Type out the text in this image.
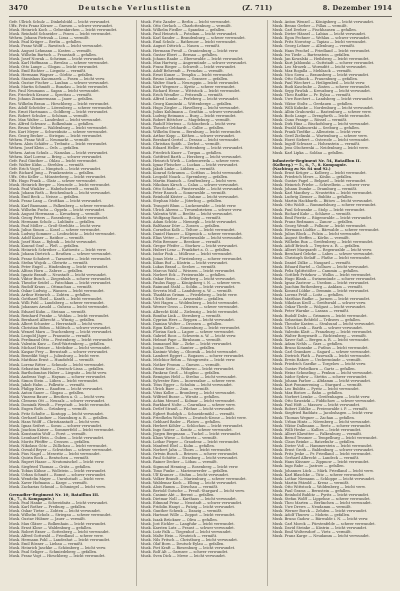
3470	Deutsche Verlustlisten	(Z. 711)	8. Dezember 1914
Gefr. Ullrich Schulz — Dinkelsbühl — leicht verwundet.
Uffz. Fritz Franz Körner — Gnesen — schwer verwundet.
Musk. Heinrich Koch — Gelsenkirchen — leicht verwundet.
Musk. Reinhold Schneider — Posen — leicht verwundet.
Wehrm. Johann Pietrzak — Lissa — vermißt.
Musk. Paul Krüger — Berlin — gefallen.
Musk. Franz Wolff — Rawitsch — leicht verwundet.
Musk. August Lehmann — Kosten — vermißt.
Musk. Wilhelm Bartsch — Fraustadt — gefallen.
Musk. Josef Nowak — Schrimm — leicht verwundet.
Musk. Karl Hoffmann — Breslau — schwer verwundet.
Musk. Otto Lange — Glogau — leicht verwundet.
Musk. Emil Richter — Liegnitz — vermißt.
Musk. Hermann Wagner — Görlitz — gefallen.
Musk. Stanislaus Kaczmarek — Posen — leicht verw.
Musk. Gustav Fischer — Lauban — schwer verwundet.
Musk. Martin Schmidt — Bunzlau — leicht verwundet.
Res. Paul Neumann — Sagan — leicht verwundet.
Res. Friedrich Krause — Sprottau — vermißt.
Res. Johann Zimmermann — Jauer — gefallen.
Res. Wilhelm Braun — Hirschberg — leicht verwundet.
Res. Adolf Schröder — Löwenberg — schwer verwundet.
Res. Ernst Hartmann — Goldberg — leicht verwundet.
Res. Robert Schulze — Schönau — vermißt.
Res. Max Walter — Landeshut — leicht verwundet.
Res. Alfred Schwarz — Bolkenhain — gefallen.
Res. Bruno Weber — Waldenburg — leicht verwundet.
Res. Kurt Meyer — Schweidnitz — schwer verwundet.
Res. Georg Becker — Striegau — leicht verwundet.
Wehrm. Franz Wolf — Neumarkt — vermißt.
Wehrm. Alois Schäfer — Trebnitz — leicht verwundet.
Wehrm. Josef Klein — Oels — gefallen.
Wehrm. Anton Schulz — Namslau — leicht verwundet.
Wehrm. Karl Lorenz — Brieg — schwer verwundet.
Gefr. Paul Günther — Ohlau — leicht verwundet.
Gefr. Walter Kühn — Strehlen — vermißt.
Gefr. Erich Vogel — Nimptsch — leicht verwundet.
Gefr. Richard Jung — Frankenstein — gefallen.
Uffz. Otto Keller — Münsterberg — leicht verwundet.
Uffz. Hugo Frank — Glatz — schwer verwundet.
Musk. Heinrich Berger — Neurode — leicht verwundet.
Musk. Paul Winkler — Habelschwerdt — vermißt.
Musk. Johann Roth — Reichenbach — leicht verwundet.
Musk. Emil Beck — Neisse — gefallen.
Musk. Franz Lang — Grottkau — leicht verwundet.
Musk. Karl Baumann — Falkenberg — schwer verwundet.
Musk. Wilhelm Fuchs — Oppeln — leicht verwundet.
Musk. August Herrmann — Kreuzburg — vermißt.
Musk. Georg Peters — Rosenberg — leicht verwundet.
Musk. Hermann Scholz — Lublinitz — gefallen.
Musk. Paul Möller — Groß-Strehlitz — leicht verw.
Musk. Julius Simon — Kosel — schwer verwundet.
Musk. Ludwig Sommer — Leobschütz — leicht verwundet.
Musk. Adolf Kaiser — Ratibor — vermißt.
Musk. Josef Haas — Rybnik — leicht verwundet.
Musk. Konrad Graf — Pleß — gefallen.
Musk. Heinrich Schreiber — Kattowitz — leicht verw.
Musk. Johann Dietrich — Beuthen — schwer verwundet.
Musk. Franz Schubert — Tarnowitz — leicht verwundet.
Musk. Stefan Wojcik — Gleiwitz — vermißt.
Musk. Peter Engel — Hindenburg — leicht verwundet.
Musk. Alfons Horn — Zabrze — gefallen.
Musk. Ignatz Brandt — Neustadt — leicht verwundet.
Musk. Viktor Busch — Ziegenhals — schwer verwundet.
Musk. Theodor Seidel — Patschkau — leicht verwundet.
Musk. Rudolf Kraus — Ottmachau — vermißt.
Musk. Oskar Ludwig — Wansen — leicht verwundet.
Musk. Arthur Heinrich — Zobten — gefallen.
Musk. Gotthard Thiel — Kanth — leicht verwundet.
Musk. Willi Pohl — Landsberg — schwer verwundet.
Musk. Johannes Arnold — Guhrau — leicht verwundet.
Musk. Eduard Kuhn — Steinau — vermißt.
Musk. Reinhard Franke — Wohlau — leicht verwundet.
Musk. Bernhard Albrecht — Winzig — gefallen.
Musk. Albert Schuster — Herrnstadt — leicht verw.
Musk. Christian Böhm — Militsch — schwer verwundet.
Musk. Wenzel Marx — Trachenberg — leicht verwundet.
Musk. Leopold Jäger — Prausnitz — vermißt.
Musk. Ferdinand Otto — Festenberg — leicht verwundet.
Musk. Valentin Kurz — Groß-Wartenberg — gefallen.
Musk. Michael Heinze — Medzibor — leicht verwundet.
Musk. Kaspar Frey — Bernstadt — schwer verwundet.
Musk. Benedikt Voigt — Juliusburg — leicht verw.
Musk. Matthias Ernst — Hundsfeld — vermißt.
Musk. Lorenz Ritter — Schmolz — leicht verwundet.
Musk. Sebastian Maier — Deutsch-Lissa — gefallen.
Musk. Bartholomäus Huber — Liegnitz — leicht verw.
Musk. Andreas Vogt — Haynau — schwer verwundet.
Musk. Simon Stein — Lüben — leicht verwundet.
Musk. Jakob Hahn — Polkwitz — vermißt.
Musk. Philipp Kern — Raudten — leicht verwundet.
Musk. Anton Sauer — Glogau — gefallen.
Musk. Vinzenz Bauer — Beuthen a. O. — leicht verw.
Musk. Clemens Ott — Neusalz — schwer verwundet.
Musk. Dominik Wendt — Freystadt — leicht verwundet.
Musk. Eugen Roth — Grünberg — vermißt.
Musk. Fritz Schulte — Kontopp — leicht verwundet.
Musk. Gerhard Lindner — Naumburg a. B. — gefallen.
Musk. Hans Wolff — Christianstadt — leicht verw.
Musk. Ignaz Seifert — Sorau — schwer verwundet.
Musk. Joachim Kaiser — Sommerfeld — leicht verwundet.
Musk. Konstantin Wolf — Forst — vermißt.
Musk. Leonhard Hein — Guben — leicht verwundet.
Musk. Moritz Pfeiffer — Crossen — gefallen.
Musk. Nikolaus Götz — Züllichau — leicht verwundet.
Musk. Oswald Beyer — Schwiebus — schwer verwundet.
Musk. Pius Nagel — Meseritz — leicht verwundet.
Musk. Quirin Bock — Bentschen — vermißt.
Musk. Rupert Haase — Neutomischel — leicht verw.
Musk. Siegfried Thomas — Grätz — gefallen.
Musk. Tobias Kühne — Wollstein — leicht verwundet.
Musk. Urban Schmitt — Bomst — schwer verwundet.
Musk. Wendelin Mayer — Unruhstadt — leicht verw.
Musk. Xaver Hofmann — Karge — vermißt.
Musk. Zacharias Schmid — Schmiegel — leicht verw.
Grenadier-Regiment Nr. 10, Bataillon III.
(6., 7., 8. Kompagnie.)
Musk. Paul Hanke — Schweidnitz — leicht verwundet.
Musk. Karl Rother — Freiburg — gefallen.
Musk. Oskar Tietze — Zobten — leicht verwundet.
Musk. Wilhelm Scholz — Striegau — schwer verwundet.
Musk. Gustav Hübner — Jauer — vermißt.
Musk. Max Gläser — Bolkenhain — leicht verwundet.
Musk. Ernst Klose — Waldenburg — gefallen.
Musk. Robert Exner — Gottesberg — leicht verwundet.
Musk. Alfred Gottwald — Friedland — schwer verw.
Musk. Hermann Pohl — Landeshut — leicht verwundet.
Musk. Emil Rösner — Liebau — vermißt.
Musk. Heinrich Jaschke — Schömberg — leicht verw.
Musk. Paul Seliger — Schmiedeberg — gefallen.
Musk. Franz Vogt — Hirschberg — leicht verwundet.
Musk. Fritz Zander — Berlin — leicht verwundet.
Musk. Otto Gerlach — Charlottenburg — vermißt.
Musk. Wilhelm Fiedler — Spandau — gefallen.
Musk. Paul Heinrich — Potsdam — leicht verwundet.
Musk. Karl Sander — Brandenburg — schwer verwundet.
Musk. Emil Schulz — Rathenow — leicht verwundet.
Musk. August Dittrich — Nauen — vermißt.
Musk. Hermann Preuß — Oranienburg — leicht verw.
Musk. Gustav Ebert — Bernau — gefallen.
Musk. Johann Raabe — Eberswalde — leicht verwundet.
Musk. Max Hartwig — Angermünde — schwer verwundet.
Musk. Franz Rieger — Schwedt — leicht verwundet.
Musk. Adolf Behrendt — Prenzlau — vermißt.
Musk. Ernst Kunze — Templin — leicht verwundet.
Musk. Bruno Lindemann — Gransee — gefallen.
Musk. Walter Stark — Neuruppin — leicht verwundet.
Musk. Kurt Wegener — Kyritz — schwer verwundet.
Musk. Richard Hesse — Wittstock — leicht verwundet.
Musk. Erich Wendler — Pritzwalk — vermißt.
Musk. Alfred Lemke — Perleberg — leicht verwundet.
Musk. Georg Kaminski — Wittenberge — gefallen.
Musk. Hugo Ziegler — Havelberg — leicht verwundet.
Musk. Julius Kuhlmann — Genthin — schwer verwundet.
Musk. Ludwig Reimann — Burg — leicht verwundet.
Musk. Robert Böttcher — Magdeburg — vermißt.
Musk. Rudolf Mertens — Schönebeck — leicht verw.
Musk. Theodor Gebhardt — Calbe — gefallen.
Musk. Wilhelm Sturm — Bernburg — leicht verwundet.
Musk. Arthur Kopp — Köthen — schwer verwundet.
Musk. Bernhard Oertel — Dessau — leicht verwundet.
Musk. Christian Späth — Zerbst — vermißt.
Musk. Eduard Heller — Wittenberg — leicht verwundet.
Musk. Friedrich Knorr — Torgau — gefallen.
Musk. Gottfried Barth — Herzberg — leicht verwundet.
Musk. Heinrich Wirth — Liebenwerda — schwer verw.
Musk. Ignaz Fleischer — Luckau — leicht verwundet.
Musk. Jakob Linke — Lübben — vermißt.
Musk. Konrad Schramm — Cottbus — leicht verwundet.
Musk. Leopold Noack — Spremberg — gefallen.
Musk. Martin Hanisch — Senftenberg — leicht verw.
Musk. Nikolaus Kirsch — Calau — schwer verwundet.
Musk. Otto Schade — Finsterwalde — leicht verwundet.
Musk. Peter Rausch — Sonnewalde — vermißt.
Musk. Reinhold Küster — Dahme — leicht verwundet.
Musk. Stephan Mohr — Jüterbog — gefallen.
Musk. Traugott Blum — Luckenwalde — leicht verw.
Musk. Ulrich Ahrens — Treuenbrietzen — schwer verw.
Musk. Valentin Witt — Beelitz — leicht verwundet.
Musk. Wolfgang Rauch — Belzig — vermißt.
Musk. Adam Schütz — Niemegk — leicht verwundet.
Musk. Balthasar Dörr — Zossen — gefallen.
Musk. Cornelius Kolb — Teltow — leicht verwundet.
Musk. Daniel Hauser — Köpenick — schwer verwundet.
Musk. Elias Vetter — Fürstenwalde — leicht verwundet.
Musk. Felix Brenner — Beeskow — vermißt.
Musk. Gregor Pfeifer — Storkow — leicht verwundet.
Musk. Hubert Lenz — Frankfurt a. O. — gefallen.
Musk. Isidor Fink — Müllrose — leicht verwundet.
Musk. Jonas Metz — Fürstenberg — schwer verwundet.
Musk. Kilian Ruf — Küstrin — leicht verwundet.
Musk. Lukas Brand — Seelow — vermißt.
Musk. Marcus Wahl — Wriezen — leicht verwundet.
Musk. Norbert Eck — Freienwalde — gefallen.
Musk. Oskar Heim — Oderberg — leicht verwundet.
Musk. Paulus Rapp — Königsberg i. N. — schwer verw.
Musk. Raimund Stahl — Soldin — leicht verwundet.
Musk. Severin Moll — Landsberg a. W. — vermißt.
Musk. Thaddäus Grimm — Friedeberg — leicht verw.
Musk. Ulrich Sieber — Arnswalde — gefallen.
Musk. Veit Hagen — Woldenberg — leicht verwundet.
Musk. Werner Gross — Driesen — schwer verwundet.
Musk. Albrecht Kühl — Zielenzig — leicht verwundet.
Musk. Bonifaz Link — Sternberg — vermißt.
Musk. Cyprian Herz — Reppen — leicht verwundet.
Musk. Damian Wolter — Drossen — gefallen.
Musk. Egon Koller — Sonnenburg — leicht verwundet.
Musk. Florian Sack — Lagow — schwer verwundet.
Musk. Gabriel Roos — Schwerin a. W. — leicht verw.
Musk. Helmut Pape — Birnbaum — vermißt.
Musk. Immanuel Bär — Zirke — leicht verwundet.
Musk. Josias Thies — Samter — gefallen.
Musk. Kasimir Wolny — Obornik — leicht verwundet.
Musk. Lambert Eggert — Rogasen — schwer verwundet.
Musk. Melchior Rehm — Wongrowitz — leicht verw.
Musk. Notker Fromm — Gnesen — vermißt.
Musk. Otmar Seitz — Witkowo — leicht verwundet.
Musk. Pankraz Groß — Mogilno — gefallen.
Musk. Remigius Held — Strelno — leicht verwundet.
Musk. Sylvester Ries — Inowrazlaw — schwer verw.
Musk. Titus Egger — Schubin — leicht verwundet.
Musk. Ulrich Baer — Znin — vermißt.
Musk. Vitus Kolbe — Bromberg — leicht verwundet.
Musk. Wilfried Busse — Wirsitz — gefallen.
Musk. Achim Menzel — Kolmar — leicht verwundet.
Musk. Burkhard Nolte — Czarnikau — schwer verw.
Musk. Detlef Strauß — Filehne — leicht verwundet.
Musk. Egbert Rudolph — Schneidemühl — vermißt.
Musk. Friedhelm Wolters — Deutsch-Krone — leicht verw.
Musk. Gebhard Bader — Flatow — gefallen.
Musk. Herbert Köhler — Schlochau — leicht verwundet.
Musk. Ingo Sauter — Konitz — schwer verwundet.
Musk. Jürgen Bergmann — Tuchel — leicht verwundet.
Musk. Klaus Wiese — Schwetz — vermißt.
Musk. Lothar Pieper — Graudenz — leicht verwundet.
Musk. Manfred Ebel — Kulm — gefallen.
Musk. Norbert Jahn — Thorn — leicht verwundet.
Musk. Ortwin Busch — Briesen — schwer verwundet.
Musk. Paul Schütte — Strasburg — leicht verwundet.
Musk. Rainer Decker — Löbau — vermißt.
Musk. Sigmund Henning — Rosenberg — leicht verw.
Musk. Timo Funke — Marienwerder — gefallen.
Musk. Ulf Kramer — Stuhm — leicht verwundet.
Musk. Volker Brandt — Marienburg — schwer verwundet.
Musk. Waldemar Koch — Elbing — leicht verwundet.
Musk. Alois Ramm — Dirschau — vermißt.
Musk. Bertold Gutsche — Preuß.-Stargard — leicht verw.
Musk. Casimir Abt — Berent — gefallen.
Musk. Dietmar Noll — Karthaus — leicht verwundet.
Musk. Edmund Prinz — Neustadt — schwer verwundet.
Musk. Fridolin Haupt — Putzig — leicht verwundet.
Musk. Gunther Schenk — Danzig — vermißt.
Musk. Hartmut Wille — Zoppot — leicht verwundet.
Musk. Isaak Brückner — Oliva — gefallen.
Musk. Jost Eichler — Langfuhr — leicht verwundet.
Musk. Karsten Lutz — Praust — schwer verwundet.
Musk. Lutz Falk — Tiegenhof — leicht verwundet.
Musk. Malte Hein — Neuteich — vermißt.
Musk. Nils Fritsch — Christburg — leicht verwundet.
Musk. Olaf Born — Deutsch-Eylau — gefallen.
Musk. Piet Kraft — Riesenburg — leicht verwundet.
Musk. Rolf Alt — Garnsee — schwer verwundet.
Musk. Sven Dick — Mewe — leicht verwundet.
Musk. Anton Wenzel — Königsberg — leicht verwundet.
Musk. Benno Gerber — Pillau — vermißt.
Musk. Carl Dreher — Fischhausen — gefallen.
Musk. Dieter Hänsel — Labiau — leicht verwundet.
Musk. Egon Fechner — Wehlau — schwer verwundet.
Musk. Fritz Nowotny — Tapiau — leicht verwundet.
Musk. Georg Lehner — Allenburg — vermißt.
Musk. Hans Peschel — Friedland — leicht verwundet.
Musk. Ivo Tiede — Bartenstein — gefallen.
Musk. Jan Kowalski — Heilsberg — leicht verwundet.
Musk. Kurt Jablonski — Guttstadt — schwer verwundet.
Musk. Leo Mrozek — Wormditt — leicht verwundet.
Musk. Max Rogalla — Mehlsack — vermißt.
Musk. Nico Sowa — Braunsberg — leicht verwundet.
Musk. Otto Gollnick — Frauenburg — gefallen.
Musk. Paul Wiechert — Heiligenbeil — leicht verw.
Musk. Rudi Kaschube — Zinten — schwer verwundet.
Musk. Sepp Pawlak — Kreuzburg — leicht verwundet.
Musk. Theo Radtke — Pr. Eylau — vermißt.
Musk. Uwe Borchert — Landsberg — leicht verwundet.
Musk. Viktor Stoltz — Gerdauen — gefallen.
Musk. Willi Kuhnke — Nordenburg — leicht verwundet.
Musk. Albin Grabowski — Rastenburg — schwer verw.
Musk. Bodo Lange — Drengfurth — leicht verwundet.
Musk. Cuno Prange — Rössel — vermißt.
Musk. Dirk Hinz — Bischofsburg — leicht verwundet.
Musk. Ewald Kalinowski — Seeburg — gefallen.
Musk. Frank Tiedtke — Allenstein — leicht verw.
Musk. Gerd Zielinski — Wartenburg — schwer verw.
Musk. Horst Siebert — Osterode — leicht verwundet.
Musk. Ingolf Schwarz — Hohenstein — vermißt.
Musk. Jens Olschewski — Neidenburg — leicht verw.
Musk. Karl Lipka — Soldau — gefallen.
Infanterie-Regiment Nr. 54, Bataillon II.
(Kolberg.) — 5., 6., 7., 8. Kompagnie.
(Nachtrag zu Nr. 84 und 92.)
Musk. Ernst Krüger — Kolberg — leicht verwundet.
Musk. Friedrich Mews — Köslin — gefallen.
Musk. Gustav Pagel — Belgard — leicht verwundet.
Musk. Heinrich Priebe — Schivelbein — schwer verw.
Musk. Johann Dumke — Dramburg — vermißt.
Musk. Karl Manthey — Neustettin — leicht verwundet.
Musk. Ludwig Ziemer — Bublitz — gefallen.
Musk. Martin Hackbarth — Bütow — leicht verwundet.
Musk. Otto Woldt — Rummelsburg — schwer verwundet.
Musk. Paul Schwanke — Stolp — leicht verwundet.
Musk. Richard Kuhr — Schlawe — vermißt.
Musk. Emil Pieritz — Rügenwalde — leicht verwundet.
Musk. Franz Redmann — Zanow — gefallen.
Musk. Georg Wendt — Pollnow — leicht verwundet.
Musk. Hermann Lüdtke — Bärwalde — schwer verwundet.
Musk. Julius Block — Polzin — leicht verwundet.
Musk. August Steffen — Körlin — vermißt.
Musk. Wilhelm Rux — Greifenberg — leicht verwundet.
Musk. Adolf Brüsch — Treptow a. R. — gefallen.
Musk. Albert Marquardt — Regenwalde — leicht verw.
Musk. Bernhard Gehrke — Labes — schwer verwundet.
Musk. Christoph Sielaff — Plathe — leicht verwundet.
Musk. Daniel Zülke — Naugard — vermißt.
Musk. Eduard Bartel — Gollnow — leicht verwundet.
Musk. Felix Splittstößer — Cammin — gefallen.
Musk. Gottlieb Pritzkow — Wollin — leicht verwundet.
Musk. Hugo Blank — Swinemünde — schwer verwundet.
Musk. Ignaz Zastrow — Usedom — leicht verwundet.
Musk. Joachim Ruthenberg — Anklam — vermißt.
Musk. Konrad Lübke — Demmin — leicht verwundet.
Musk. Lorenz Prüß — Loitz — gefallen.
Musk. Matthias Radke — Jarmen — leicht verwundet.
Musk. Nikolaus Kroll — Greifswald — schwer verw.
Musk. Oskar Thede — Wolgast — leicht verwundet.
Musk. Peter Warnke — Lassan — vermißt.
Musk. Rudolf Dabs — Grimmen — leicht verwundet.
Musk. Sebastian Rehfeld — Tribsees — gefallen.
Musk. Theodor Kasten — Stralsund — leicht verwundet.
Musk. Ulrich Lenk — Barth — schwer verwundet.
Musk. Valentin Klatt — Franzburg — leicht verwundet.
Musk. Walter Borgwardt — Richtenberg — vermißt.
Musk. Xaver Saß — Bergen a. R. — leicht verwundet.
Musk. Adam Nehls — Garz — gefallen.
Musk. Bruno Kosanke — Putbus — leicht verwundet.
Musk. Carl Gramkow — Sagard — schwer verwundet.
Musk. Dietrich Plath — Pasewalk — leicht verwundet.
Musk. Erwin Rakow — Ueckermünde — vermißt.
Musk. Friedrich Gaedke — Torgelow — leicht verw.
Musk. Gustav Fiebelkorn — Gartz — gefallen.
Musk. Heinz Schmeling — Penkun — leicht verwundet.
Musk. Isidor Sydow — Stettin — schwer verwundet.
Musk. Johann Parlow — Altdamm — leicht verwundet.
Musk. Kurt Pommerening — Stargard — vermißt.
Musk. Leo Bublitz — Pyritz — leicht verwundet.
Musk. Max Ristow — Bahn — gefallen.
Musk. Norbert Lemke — Greifenhagen — leicht verw.
Musk. Otto Sawatzki — Fiddichow — schwer verwundet.
Musk. Paul Höft — Massow — leicht verwundet.
Musk. Robert Zühlke — Freienwalde i. P. — vermißt.
Musk. Siegfried Raddatz — Jacobshagen — leicht verw.
Musk. Thomas Wegner — Zachan — gefallen.
Musk. Urban Hintz — Nörenberg — leicht verwundet.
Musk. Viktor Dallmann — Reetz — schwer verwundet.
Musk. Willi Heske — Kallies — leicht verwundet.
Musk. Albert Klawitter — Falkenburg — vermißt.
Musk. Bernd Tessmer — Tempelburg — leicht verwundet.
Musk. Claus Reinke — Ratzebuhr — gefallen.
Musk. Dieter Voß — Hammerstein — leicht verwundet.
Musk. Ernst Groth — Baldenburg — schwer verwundet.
Musk. Fritz Jeske — Pr. Friedland — leicht verwundet.
Musk. Gerhard Albrecht — Landeck — vermißt.
Musk. Hans Küssner — Zippnow — leicht verwundet.
Musk. Ingo Rabe — Jastrow — gefallen.
Musk. Johannes Lück — Märk. Friedland — leicht verw.
Musk. Karl Blaschke — Tütz — schwer verwundet.
Musk. Lothar Niemann — Schloppe — leicht verwundet.
Musk. Martin Pätzold — Kreuz — vermißt.
Musk. Otto Wittstock — Woldenberg — leicht verw.
Musk. Paul Grams — Bernstein — gefallen.
Musk. Reinhold Bublitz — Pyritz — leicht verwundet.
Musk. Stefan Wolff — Lippehne — schwer verwundet.
Musk. Theo Marten — Berlinchen — leicht verwundet.
Musk. Uwe Drews — Neudamm — vermißt.
Musk. Werner Borck — Zehden — leicht verwundet.
Musk. Adolf Thurow — Mohrin — gefallen.
Musk. Bruno Gadow — Bärwalde i. N. — leicht verw.
Musk. Carl Moeck — Fürstenfelde — schwer verwundet.
Musk. David Steinke — Küstrin — leicht verwundet.
Musk. Emil Woltersdorf — Vietz — vermißt.
Musk. Franz Karge — Neudamm — leicht verwundet.
